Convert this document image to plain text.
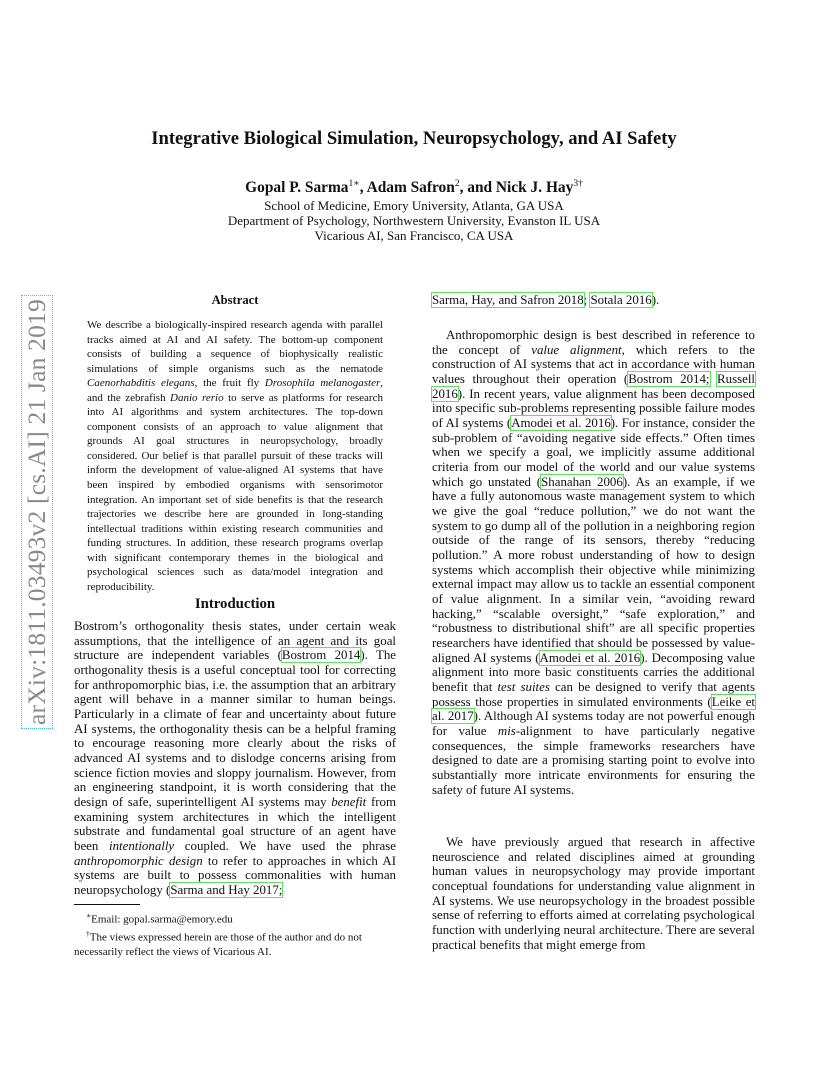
arXiv:1811.03493v2 [cs.AI] 21 Jan 2019
Integrative Biological Simulation, Neuropsychology, and AI Safety
Gopal P. Sarma$^{1∗}$, Adam Safron$^2$, and Nick J. Hay$^{3\dagger}$
School of Medicine, Emory University, Atlanta, GA USA
Department of Psychology, Northwestern University, Evanston IL USA
Vicarious AI, San Francisco, CA USA
Abstract
We describe a biologically-inspired research agenda with parallel tracks aimed at AI and AI safety. The bottom-up component consists of building a sequence of biophysically realistic simulations of simple organisms such as the nematode Caenorhabditis elegans, the fruit fly Drosophila melanogaster, and the zebrafish Danio rerio to serve as platforms for research into AI algorithms and system architectures. The top-down component consists of an approach to value alignment that grounds AI goal structures in neuropsychology, broadly considered. Our belief is that parallel pursuit of these tracks will inform the development of value-aligned AI systems that have been inspired by embodied organisms with sensorimotor integration. An important set of side benefits is that the research trajectories we describe here are grounded in long-standing intellectual traditions within existing research communities and funding structures. In addition, these research programs overlap with significant contemporary themes in the biological and psychological sciences such as data/model integration and reproducibility.
Introduction
Bostrom’s orthogonality thesis states, under certain weak assumptions, that the intelligence of an agent and its goal structure are independent variables (Bostrom 2014). The orthogonality thesis is a useful conceptual tool for correcting for anthropomorphic bias, i.e. the assumption that an arbitrary agent will behave in a manner similar to human beings. Particularly in a climate of fear and uncertainty about future AI systems, the orthogonality thesis can be a helpful framing to encourage reasoning more clearly about the risks of advanced AI systems and to dislodge concerns arising from science fiction movies and sloppy journalism. However, from an engineering standpoint, it is worth considering that the design of safe, superintelligent AI systems may benefit from examining system architectures in which the intelligent substrate and fundamental goal structure of an agent have been intentionally coupled. We have used the phrase anthropomorphic design to refer to approaches in which AI systems are built to possess commonalities with human neuropsychology (Sarma and Hay 2017;

∗Email: gopal.sarma@emory.edu

†The views expressed herein are those of the author and do not necessarily reflect the views of Vicarious AI.

Sarma, Hay, and Safron 2018; Sotala 2016).
Anthropomorphic design is best described in reference to the concept of value alignment, which refers to the construction of AI systems that act in accordance with human values throughout their operation (Bostrom 2014; Russell 2016). In recent years, value alignment has been decomposed into specific sub-problems representing possible failure modes of AI systems (Amodei et al. 2016). For instance, consider the sub-problem of “avoiding negative side effects.” Often times when we specify a goal, we implicitly assume additional criteria from our model of the world and our value systems which go unstated (Shanahan 2006). As an example, if we have a fully autonomous waste management system to which we give the goal “reduce pollution,” we do not want the system to go dump all of the pollution in a neighboring region outside of the range of its sensors, thereby “reducing pollution.” A more robust understanding of how to design systems which accomplish their objective while minimizing external impact may allow us to tackle an essential component of value alignment. In a similar vein, “avoiding reward hacking,” “scalable oversight,” “safe exploration,” and “robustness to distributional shift” are all specific properties researchers have identified that should be possessed by value-aligned AI systems (Amodei et al. 2016). Decomposing value alignment into more basic constituents carries the additional benefit that test suites can be designed to verify that agents possess those properties in simulated environments (Leike et al. 2017). Although AI systems today are not powerful enough for value mis-alignment to have particularly negative consequences, the simple frameworks researchers have designed to date are a promising starting point to evolve into substantially more intricate environments for ensuring the safety of future AI systems.
We have previously argued that research in affective neuroscience and related disciplines aimed at grounding human values in neuropsychology may provide important conceptual foundations for understanding value alignment in AI systems. We use neuropsychology in the broadest possible sense of referring to efforts aimed at correlating psychological function with underlying neural architecture. There are several practical benefits that might emerge from
